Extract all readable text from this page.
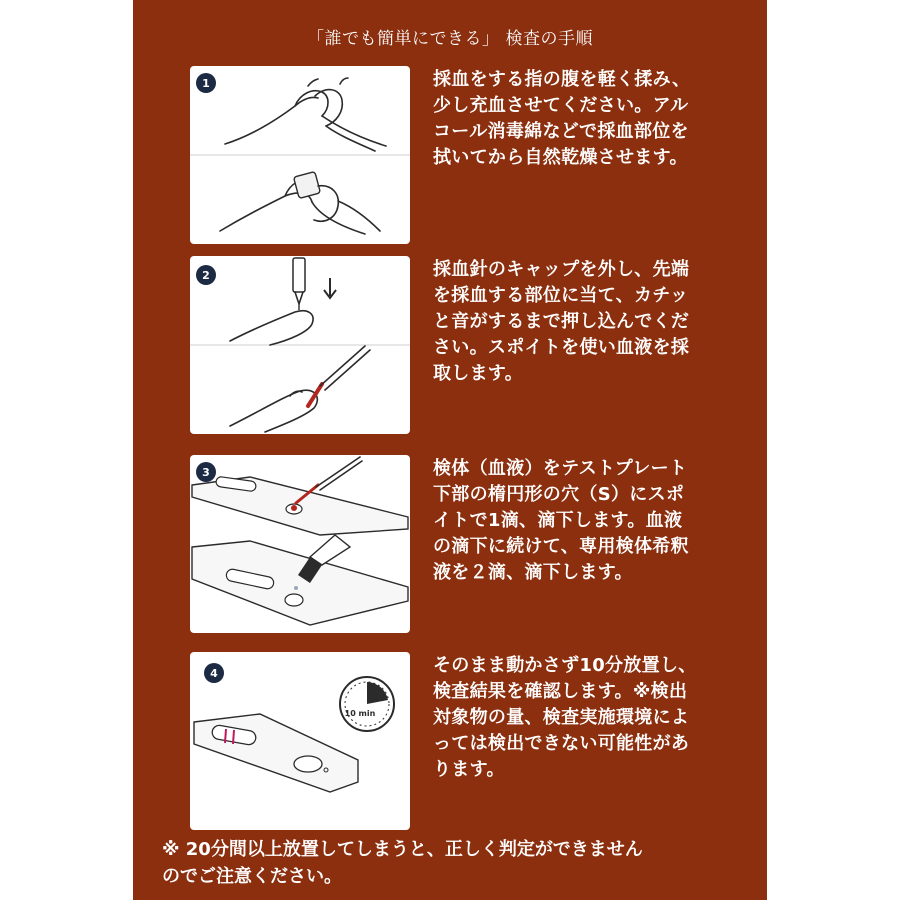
「誰でも簡単にできる」 検査の手順
1	採血をする指の腹を軽く揉み、
少し充血させてください。アル
コール消毒綿などで採血部位を
拭いてから自然乾燥させます。
2	採血針のキャップを外し、先端
を採血する部位に当て、カチッ
と音がするまで押し込んでくだ
さい。スポイトを使い血液を採
取します。
3	検体（血液）をテストプレート
下部の楕円形の穴（S）にスポ
イトで1滴、滴下します。血液
の滴下に続けて、専用検体希釈
液を２滴、滴下します。
4
10 min
そのまま動かさず10分放置し、
検査結果を確認します。※検出
対象物の量、検査実施環境によ
っては検出できない可能性があ
ります。
※ 20分間以上放置してしまうと、正しく判定ができません
のでご注意ください。
